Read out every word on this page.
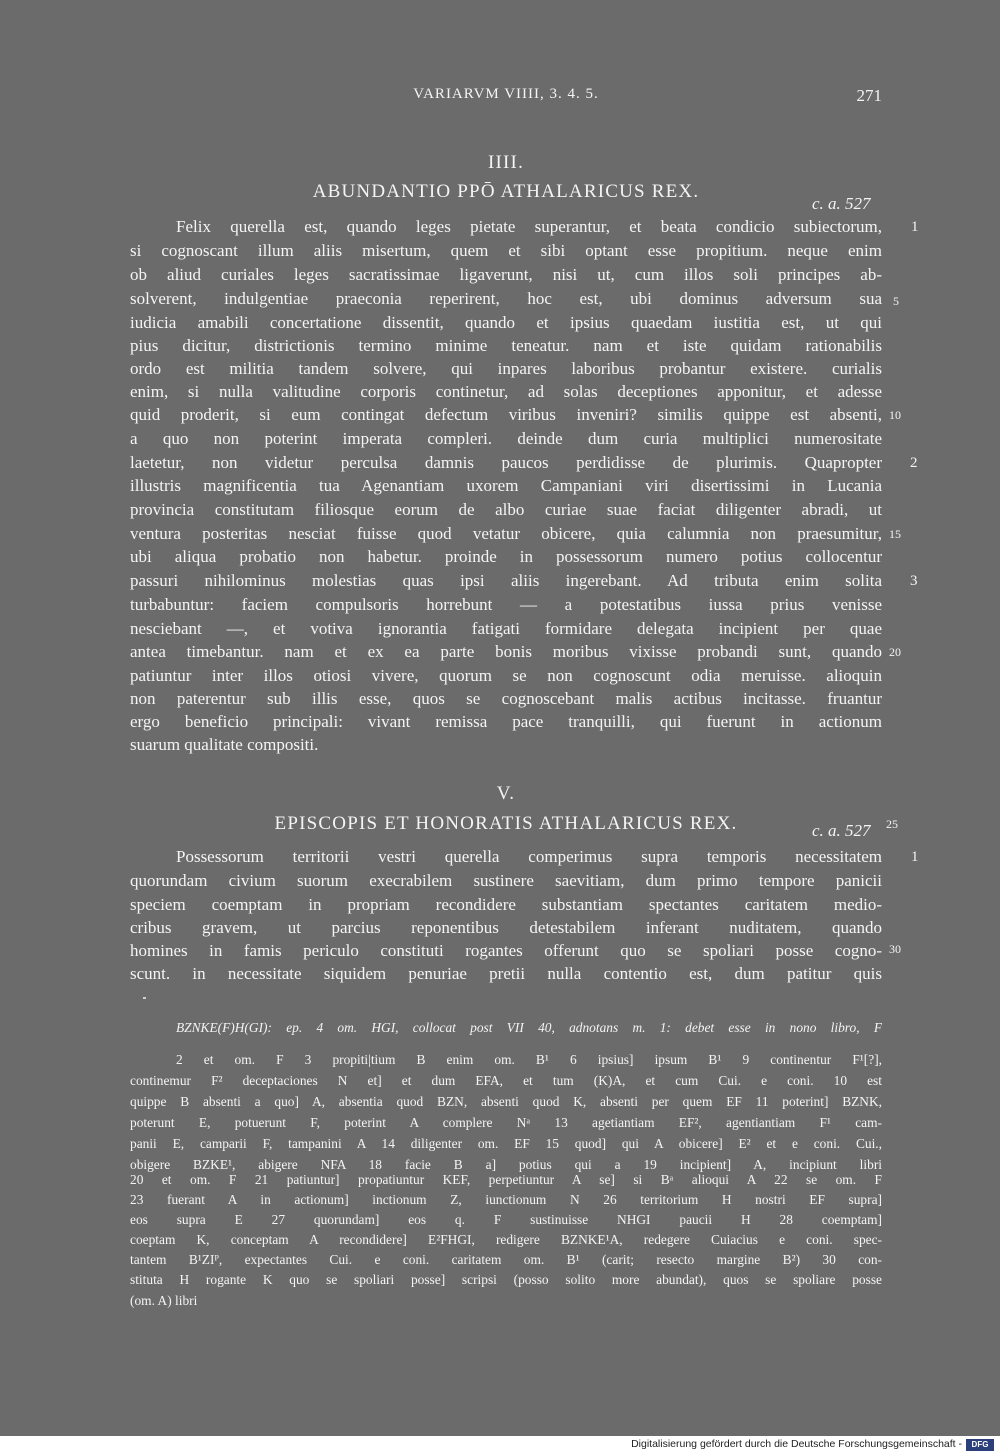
VARIARVM VIIII, 3. 4. 5.	271
IIII.
ABUNDANTIO PPŌ ATHALARICUS REX.
c. a. 527
Felix querella est, quando leges pietate superantur, et beata condicio subiectorum,
si cognoscant illum aliis misertum, quem et sibi optant esse propitium. neque enim
ob aliud curiales leges sacratissimae ligaverunt, nisi ut, cum illos soli principes ab-
solverent, indulgentiae praeconia reperirent, hoc est, ubi dominus adversum sua
iudicia amabili concertatione dissentit, quando et ipsius quaedam iustitia est, ut qui
pius dicitur, districtionis termino minime teneatur. nam et iste quidam rationabilis
ordo est militia tandem solvere, qui inpares laboribus probantur existere. curialis
enim, si nulla valitudine corporis continetur, ad solas deceptiones apponitur, et adesse
quid proderit, si eum contingat defectum viribus inveniri? similis quippe est absenti,
a quo non poterint imperata compleri. deinde dum curia multiplici numerositate
laetetur, non videtur perculsa damnis paucos perdidisse de plurimis. Quapropter
illustris magnificentia tua Agenantiam uxorem Campaniani viri disertissimi in Lucania
provincia constitutam filiosque eorum de albo curiae suae faciat diligenter abradi, ut
ventura posteritas nesciat fuisse quod vetatur obicere, quia calumnia non praesumitur,
ubi aliqua probatio non habetur. proinde in possessorum numero potius collocentur
passuri nihilominus molestias quas ipsi aliis ingerebant. Ad tributa enim solita
turbabuntur: faciem compulsoris horrebunt — a potestatibus iussa prius venisse
nesciebant —, et votiva ignorantia fatigati formidare delegata incipient per quae
antea timebantur. nam et ex ea parte bonis moribus vixisse probandi sunt, quando
patiuntur inter illos otiosi vivere, quorum se non cognoscunt odia meruisse. alioquin
non paterentur sub illis esse, quos se cognoscebant malis actibus incitasse. fruantur
ergo beneficio principali: vivant remissa pace tranquilli, qui fuerunt in actionum
suarum qualitate compositi.
V.
EPISCOPIS ET HONORATIS ATHALARICUS REX.	c. a. 527
Possessorum territorii vestri querella comperimus supra temporis necessitatem
quorundam civium suorum execrabilem sustinere saevitiam, dum primo tempore panicii
speciem coemptam in propriam recondidere substantiam spectantes caritatem medio-
cribus gravem, ut parcius reponentibus detestabilem inferant nuditatem, quando
homines in famis periculo constituti rogantes offerunt quo se spoliari posse cogno-
scunt. in necessitate siquidem penuriae pretii nulla contentio est, dum patitur quis
5
10
15
20
25
30
1
2
3
1
BZNKE(F)H(GI): ep. 4 om. HGI, collocat post VII 40, adnotans m. 1: debet esse in nono libro, F
2 et om. F 3 propiti|tium B enim om. B¹ 6 ipsius] ipsum B¹ 9 continentur F¹[?],
continemur F² deceptaciones N et] et dum EFA, et tum (K)A, et cum Cui. e coni. 10 est
quippe B absenti a quo] A, absentia quod BZN, absenti quod K, absenti per quem EF 11 poterint] BZNK,
poterunt E, potuerunt F, poterint A complere Nᵃ 13 agetiantiam EF², agentiantiam F¹ cam-
panii E, camparii F, tampanini A 14 diligenter om. EF 15 quod] qui A obicere] E² et e coni. Cui.,
obigere BZKE¹, abigere NFA 18 facie B a] potius qui a 19 incipient] A, incipiunt libri
20 et om. F 21 patiuntur] propatiuntur KEF, perpetiuntur A se] si Bᵃ alioqui A 22 se om. F
23 fuerant A in actionum] inctionum Z, iunctionum N 26 territorium H nostri EF supra]
eos supra E 27 quorundam] eos q. F sustinuisse NHGI paucii H 28 coemptam]
coeptam K, conceptam A recondidere] E²FHGI, redigere BZNKE¹A, redegere Cuiacius e coni. spec-
tantem B¹ZIᴾ, expectantes Cui. e coni. caritatem om. B¹ (carit; resecto margine B²) 30 con-
stituta H rogante K quo se spoliari posse] scripsi (posso solito more abundat), quos se spoliare posse
(om. A) libri
Digitalisierung gefördert durch die Deutsche Forschungsgemeinschaft -	DFG
